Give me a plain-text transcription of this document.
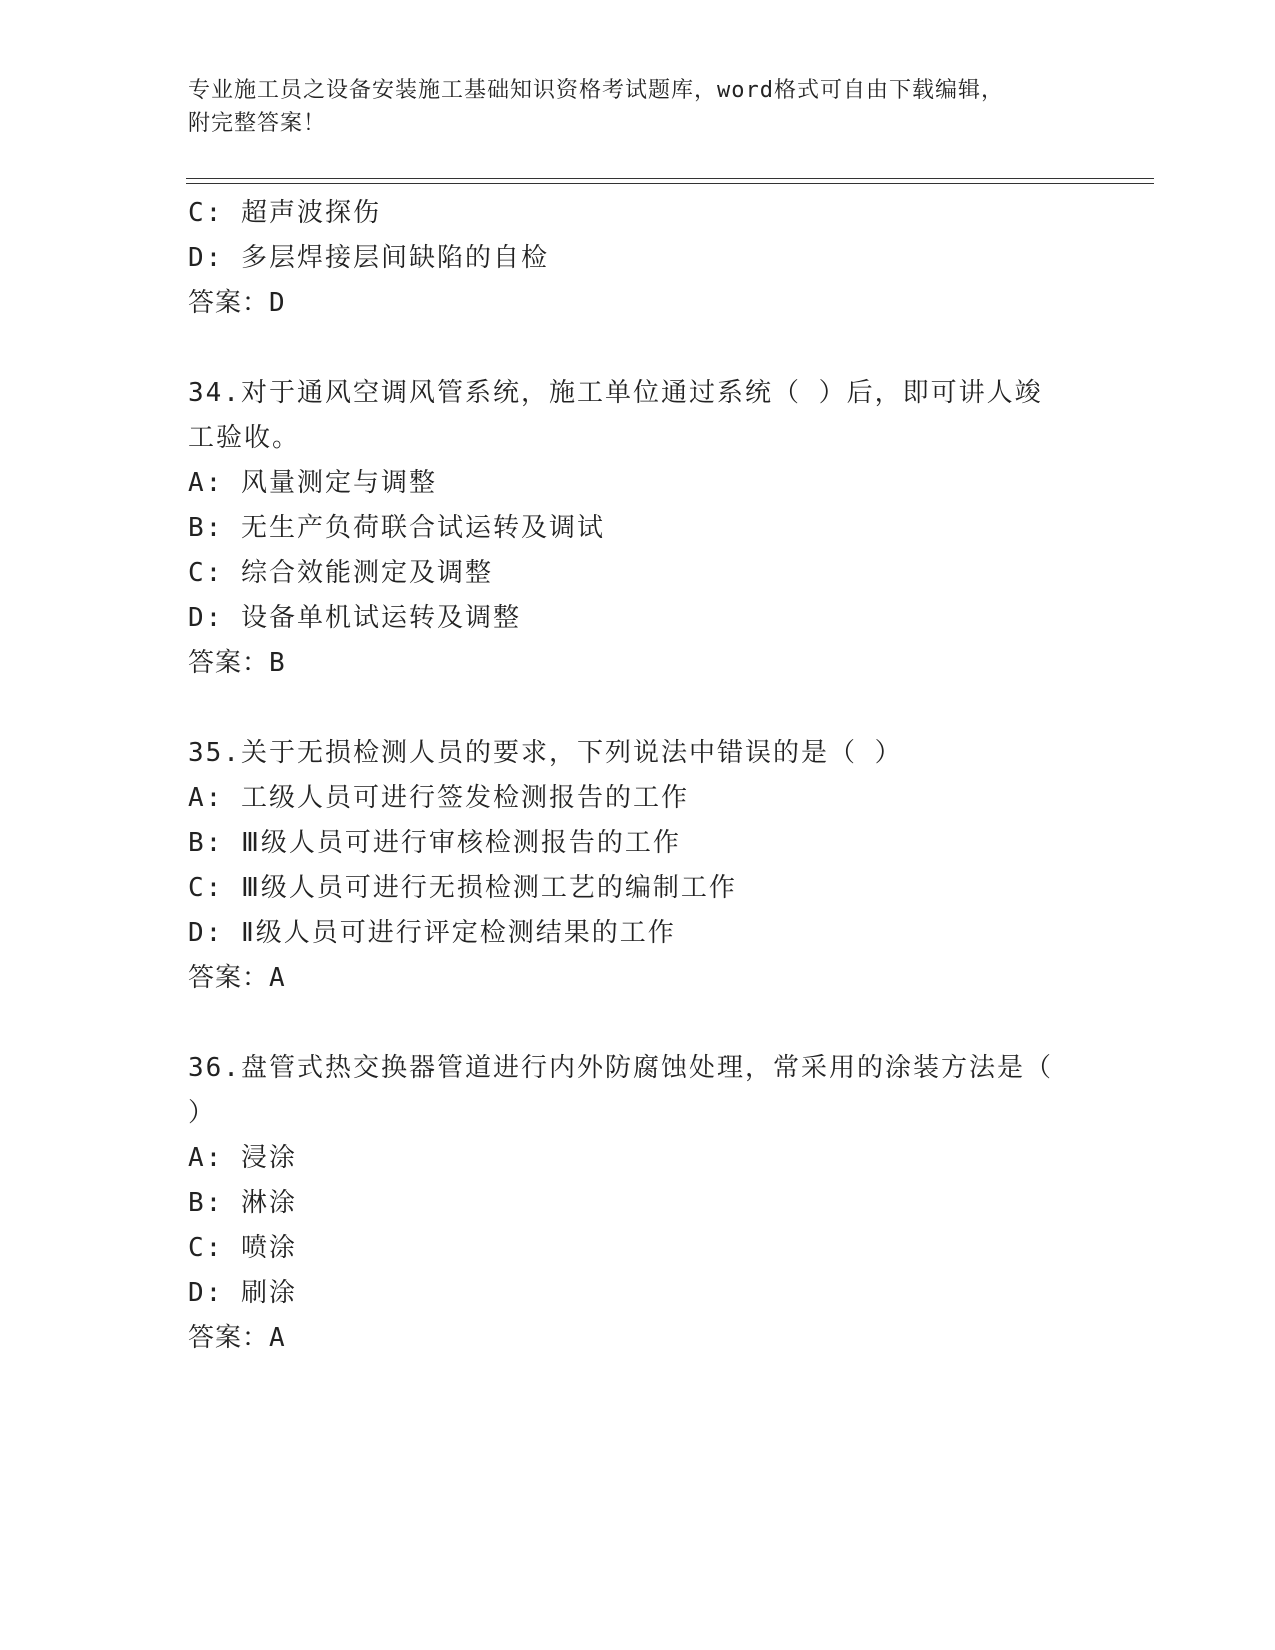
专业施工员之设备安装施工基础知识资格考试题库，word格式可自由下载编辑，
附完整答案！
C: 超声波探伤
D: 多层焊接层间缺陷的自检
答案：D
34.对于通风空调风管系统，施工单位通过系统（ ）后，即可讲人竣
工验收。
A: 风量测定与调整
B: 无生产负荷联合试运转及调试
C: 综合效能测定及调整
D: 设备单机试运转及调整
答案：B
35.关于无损检测人员的要求，下列说法中错误的是（ ）
A: 工级人员可进行签发检测报告的工作
B: Ⅲ级人员可进行审核检测报告的工作
C: Ⅲ级人员可进行无损检测工艺的编制工作
D: Ⅱ级人员可进行评定检测结果的工作
答案：A
36.盘管式热交换器管道进行内外防腐蚀处理，常采用的涂装方法是（
）
A: 浸涂
B: 淋涂
C: 喷涂
D: 刷涂
答案：A
